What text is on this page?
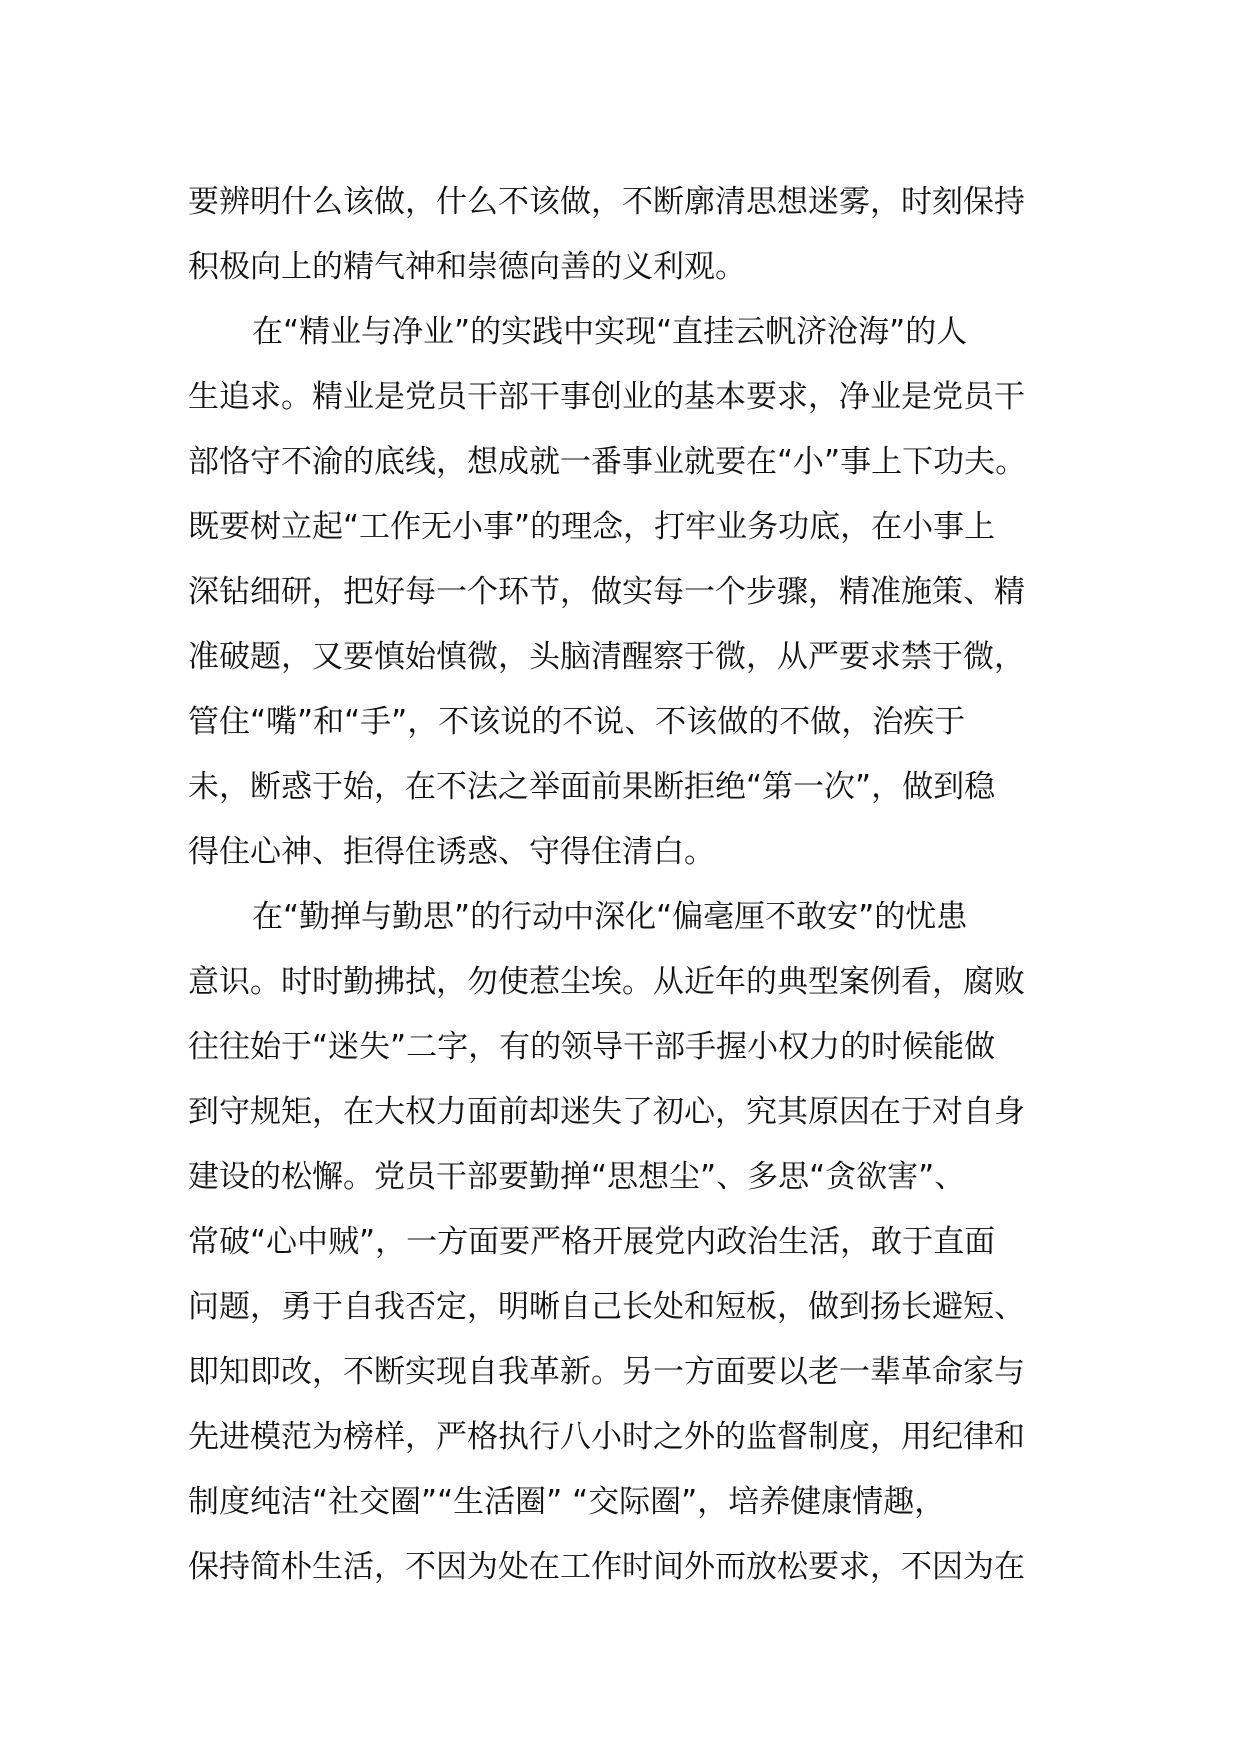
要辨明什么该做，什么不该做，不断廓清思想迷雾，时刻保持
积极向上的精气神和崇德向善的义利观。
在“精业与净业”的实践中实现“直挂云帆济沧海”的人
生追求。精业是党员干部干事创业的基本要求，净业是党员干
部恪守不渝的底线，想成就一番事业就要在“小”事上下功夫。
既要树立起“工作无小事”的理念，打牢业务功底，在小事上
深钻细研，把好每一个环节，做实每一个步骤，精准施策、精
准破题，又要慎始慎微，头脑清醒察于微，从严要求禁于微，
管住“嘴”和“手”，不该说的不说、不该做的不做，治疾于
未，断惑于始，在不法之举面前果断拒绝“第一次”，做到稳
得住心神、拒得住诱惑、守得住清白。
在“勤掸与勤思”的行动中深化“偏毫厘不敢安”的忧患
意识。时时勤拂拭，勿使惹尘埃。从近年的典型案例看，腐败
往往始于“迷失”二字，有的领导干部手握小权力的时候能做
到守规矩，在大权力面前却迷失了初心，究其原因在于对自身
建设的松懈。党员干部要勤掸“思想尘”、多思“贪欲害”、
常破“心中贼”，一方面要严格开展党内政治生活，敢于直面
问题，勇于自我否定，明晰自己长处和短板，做到扬长避短、
即知即改，不断实现自我革新。另一方面要以老一辈革命家与
先进模范为榜样，严格执行八小时之外的监督制度，用纪律和
制度纯洁“社交圈”“生活圈” “交际圈”，培养健康情趣，
保持简朴生活，不因为处在工作时间外而放松要求，不因为在
